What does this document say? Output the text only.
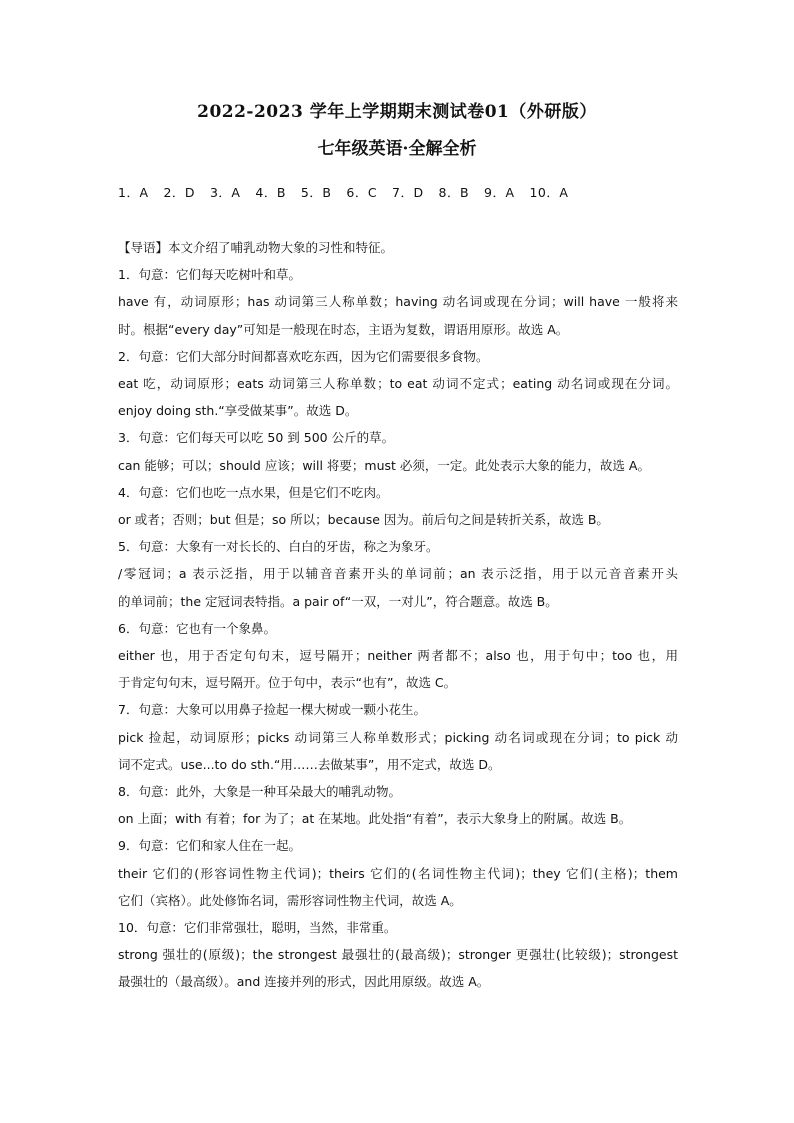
2022-2023 学年上学期期末测试卷01（外研版）
七年级英语·全解全析
1．A  2．D  3．A  4．B  5．B  6．C  7．D  8．B  9．A  10．A

【导语】本文介绍了哺乳动物大象的习性和特征。

1．句意：它们每天吃树叶和草。

have 有，动词原形；has 动词第三人称单数；having 动名词或现在分词；will have 一般将来

时。根据“every day”可知是一般现在时态，主语为复数，谓语用原形。故选 A。

2．句意：它们大部分时间都喜欢吃东西，因为它们需要很多食物。

eat 吃，动词原形；eats 动词第三人称单数；to eat 动词不定式；eating 动名词或现在分词。

enjoy doing sth.“享受做某事”。故选 D。

3．句意：它们每天可以吃 50 到 500 公斤的草。

can 能够；可以；should 应该；will 将要；must 必须，一定。此处表示大象的能力，故选 A。

4．句意：它们也吃一点水果，但是它们不吃肉。

or 或者；否则；but 但是；so 所以；because 因为。前后句之间是转折关系，故选 B。

5．句意：大象有一对长长的、白白的牙齿，称之为象牙。

/零冠词；a 表示泛指，用于以辅音音素开头的单词前；an 表示泛指，用于以元音音素开头

的单词前；the 定冠词表特指。a pair of“一双，一对儿”，符合题意。故选 B。

6．句意：它也有一个象鼻。

either 也，用于否定句句末，逗号隔开；neither 两者都不；also 也，用于句中；too 也，用

于肯定句句末，逗号隔开。位于句中，表示“也有”，故选 C。

7．句意：大象可以用鼻子捡起一棵大树或一颗小花生。

pick 捡起，动词原形；picks 动词第三人称单数形式；picking 动名词或现在分词；to pick 动

词不定式。use...to do sth.“用……去做某事”，用不定式，故选 D。

8．句意：此外，大象是一种耳朵最大的哺乳动物。

on 上面；with 有着；for 为了；at 在某地。此处指“有着”，表示大象身上的附属。故选 B。

9．句意：它们和家人住在一起。

their 它们的(形容词性物主代词)；theirs 它们的(名词性物主代词)；they 它们(主格)；them

它们（宾格）。此处修饰名词，需形容词性物主代词，故选 A。

10．句意：它们非常强壮，聪明，当然，非常重。

strong 强壮的(原级)；the strongest 最强壮的(最高级)；stronger 更强壮(比较级)；strongest

最强壮的（最高级）。and 连接并列的形式，因此用原级。故选 A。
